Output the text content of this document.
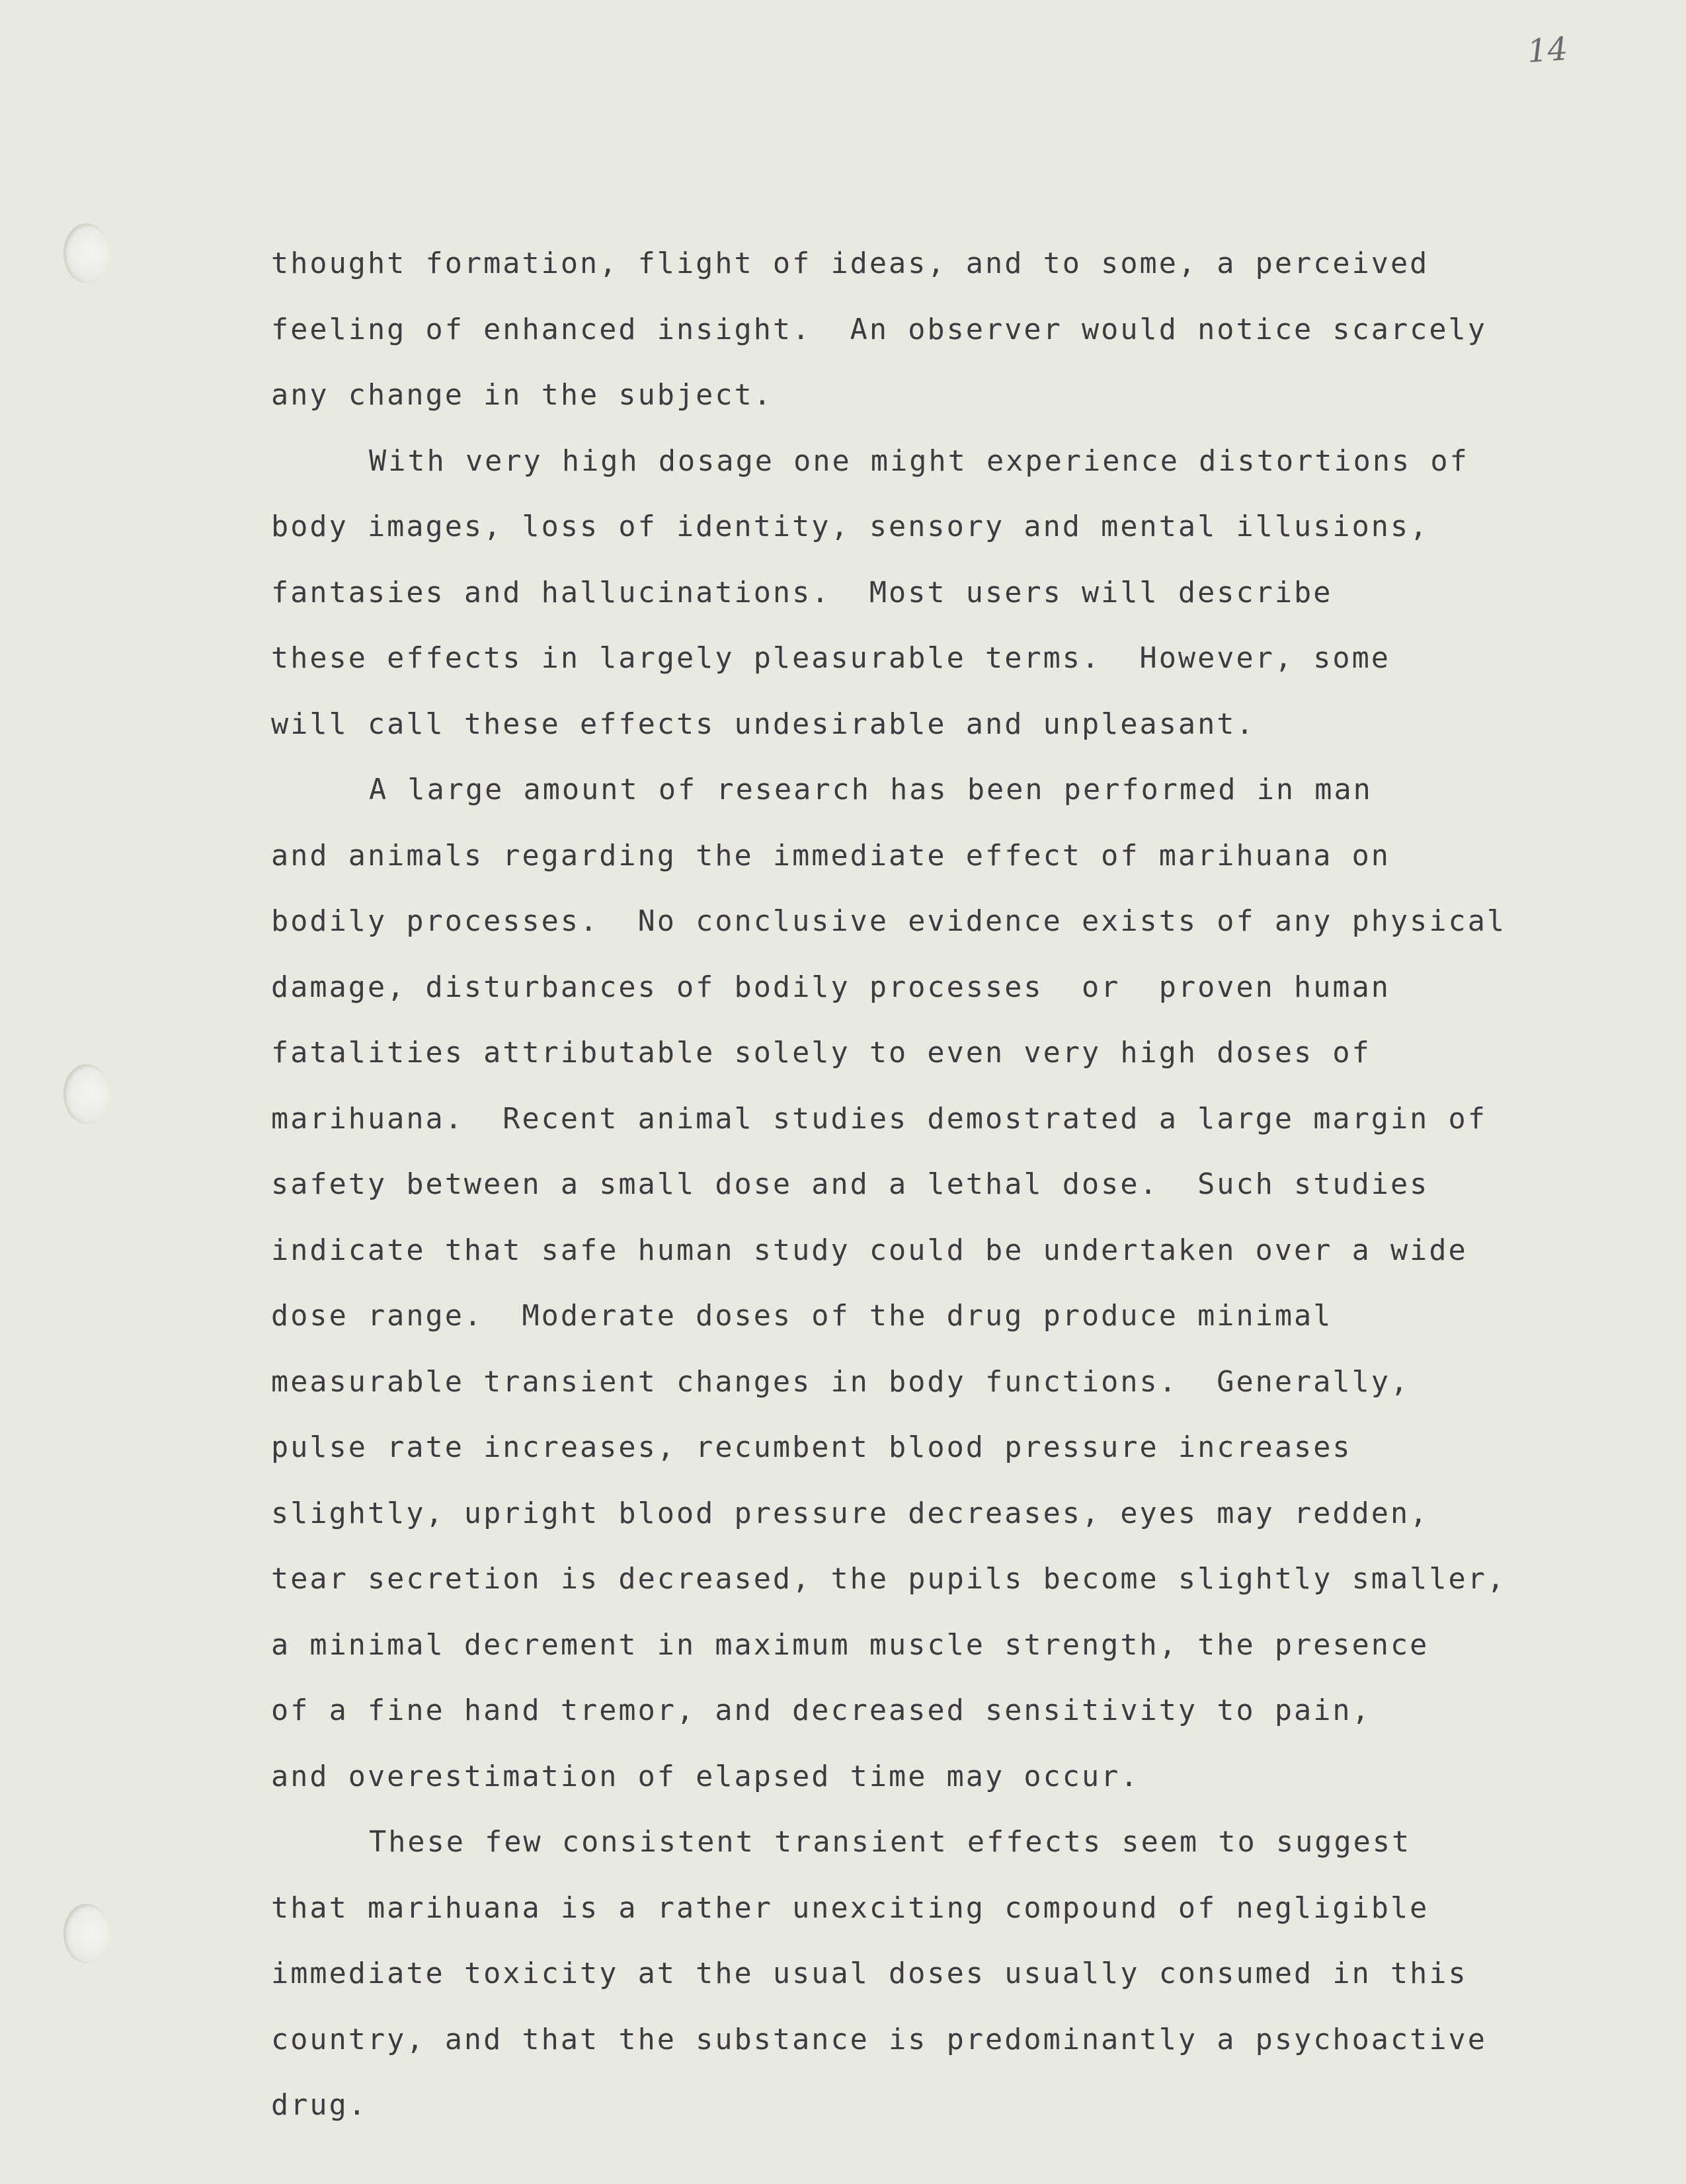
14
thought formation, flight of ideas, and to some, a perceived
feeling of enhanced insight.  An observer would notice scarcely
any change in the subject.
With very high dosage one might experience distortions of
body images, loss of identity, sensory and mental illusions,
fantasies and hallucinations.  Most users will describe
these effects in largely pleasurable terms.  However, some
will call these effects undesirable and unpleasant.
A large amount of research has been performed in man
and animals regarding the immediate effect of marihuana on
bodily processes.  No conclusive evidence exists of any physical
damage, disturbances of bodily processes  or  proven human
fatalities attributable solely to even very high doses of
marihuana.  Recent animal studies demostrated a large margin of
safety between a small dose and a lethal dose.  Such studies
indicate that safe human study could be undertaken over a wide
dose range.  Moderate doses of the drug produce minimal
measurable transient changes in body functions.  Generally,
pulse rate increases, recumbent blood pressure increases
slightly, upright blood pressure decreases, eyes may redden,
tear secretion is decreased, the pupils become slightly smaller,
a minimal decrement in maximum muscle strength, the presence
of a fine hand tremor, and decreased sensitivity to pain,
and overestimation of elapsed time may occur.
These few consistent transient effects seem to suggest
that marihuana is a rather unexciting compound of negligible
immediate toxicity at the usual doses usually consumed in this
country, and that the substance is predominantly a psychoactive
drug.
